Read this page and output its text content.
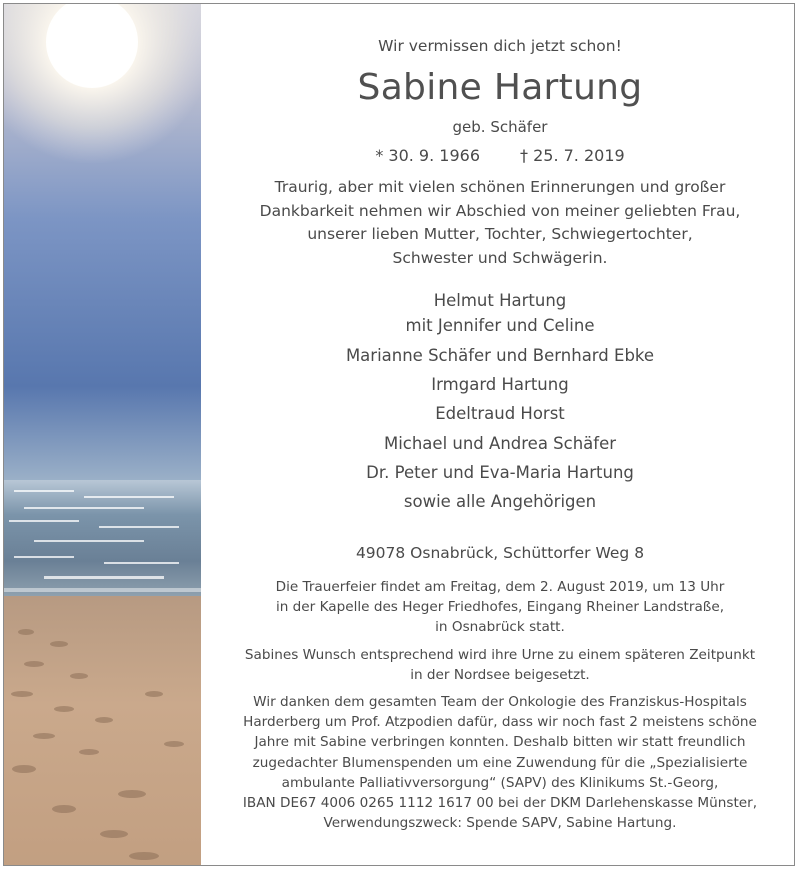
Wir vermissen dich jetzt schon!
Sabine Hartung
geb. Schäfer
* 30. 9. 1966	† 25. 7. 2019
Traurig, aber mit vielen schönen Erinnerungen und großer
Dankbarkeit nehmen wir Abschied von meiner geliebten Frau,
unserer lieben Mutter, Tochter, Schwiegertochter,
Schwester und Schwägerin.
Helmut Hartung
mit Jennifer und Celine
Marianne Schäfer und Bernhard Ebke
Irmgard Hartung
Edeltraud Horst
Michael und Andrea Schäfer
Dr. Peter und Eva-Maria Hartung
sowie alle Angehörigen
49078 Osnabrück, Schüttorfer Weg 8
Die Trauerfeier findet am Freitag, dem 2. August 2019, um 13 Uhr
in der Kapelle des Heger Friedhofes, Eingang Rheiner Landstraße,
in Osnabrück statt.
Sabines Wunsch entsprechend wird ihre Urne zu einem späteren Zeitpunkt
in der Nordsee beigesetzt.
Wir danken dem gesamten Team der Onkologie des Franziskus-Hospitals
Harderberg um Prof. Atzpodien dafür, dass wir noch fast 2 meistens schöne
Jahre mit Sabine verbringen konnten. Deshalb bitten wir statt freundlich
zugedachter Blumenspenden um eine Zuwendung für die „Spezialisierte
ambulante Palliativversorgung“ (SAPV) des Klinikums St.-Georg,
IBAN DE67 4006 0265 1112 1617 00 bei der DKM Darlehenskasse Münster,
Verwendungszweck: Spende SAPV, Sabine Hartung.
